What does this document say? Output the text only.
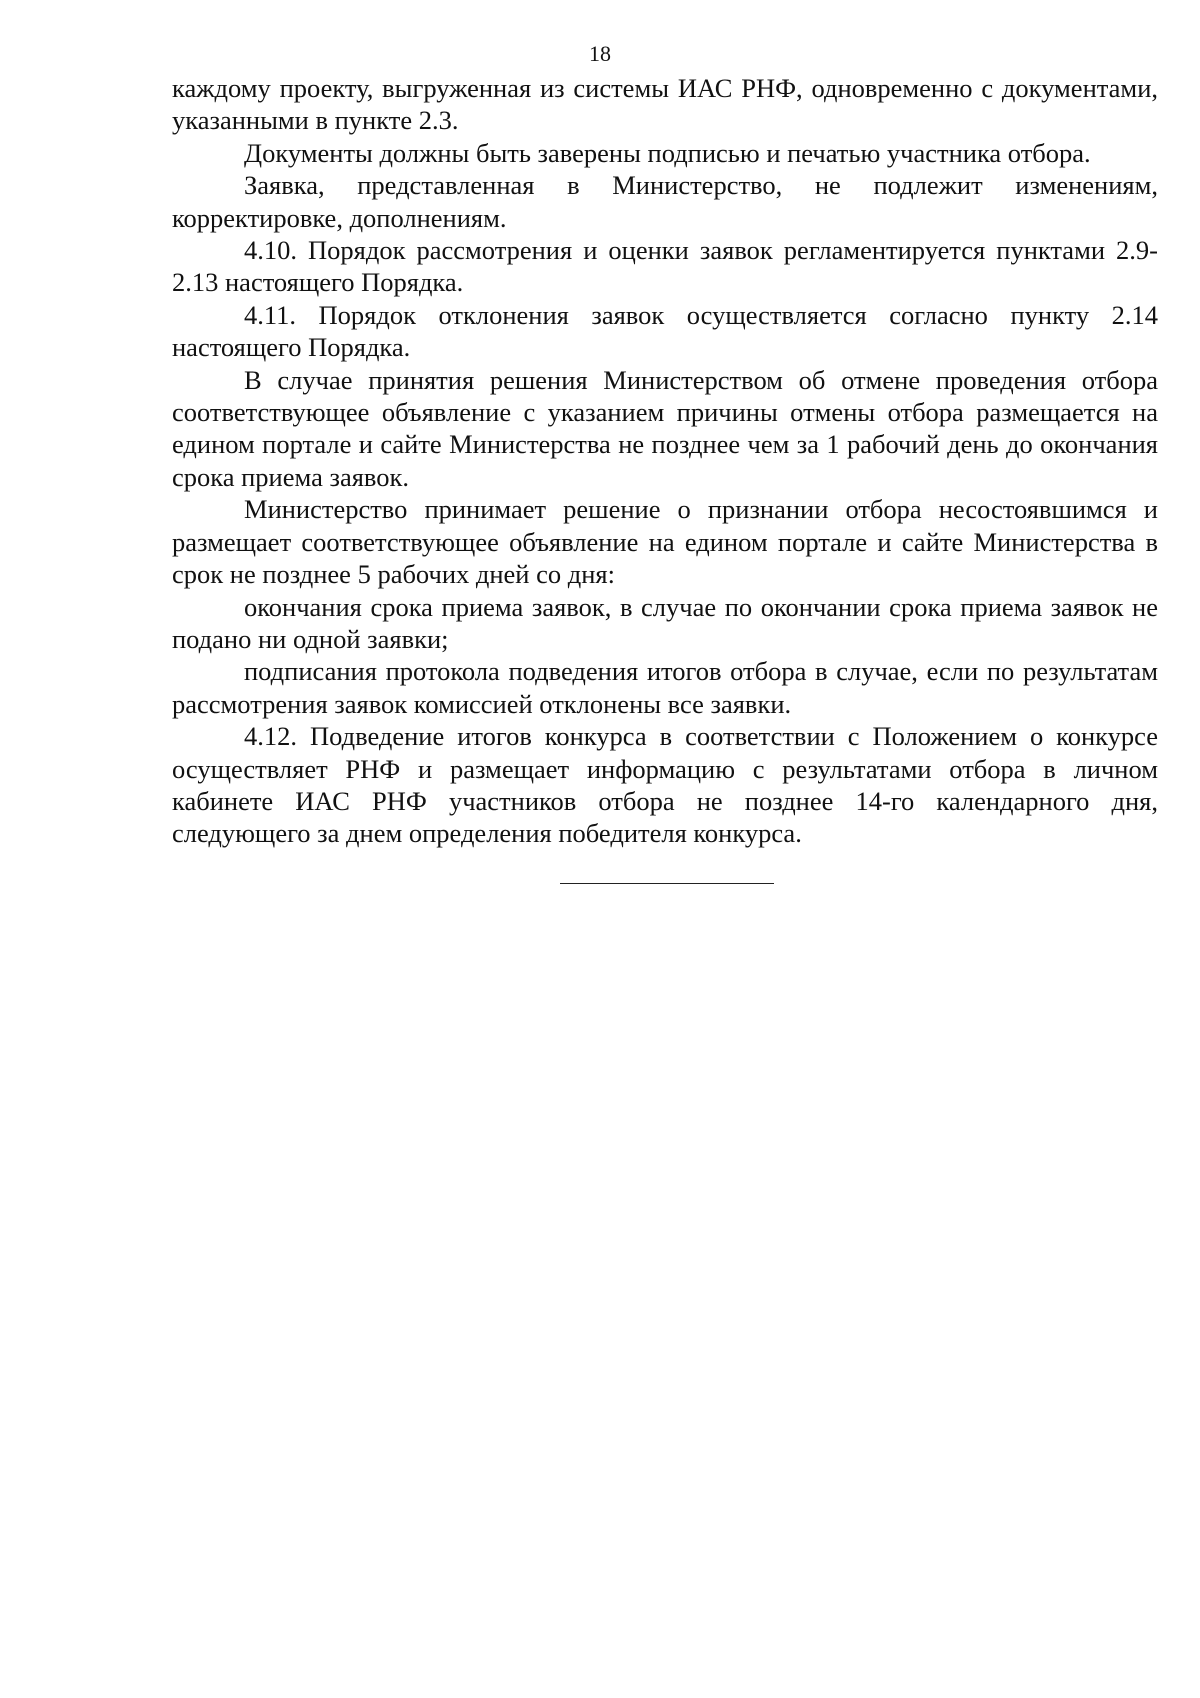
18

каждому проекту, выгруженная из системы ИАС РНФ, одновременно с документами, указанными в пункте 2.3.

Документы должны быть заверены подписью и печатью участника отбора.

Заявка, представленная в Министерство, не подлежит изменениям, корректировке, дополнениям.

4.10. Порядок рассмотрения и оценки заявок регламентируется пунктами 2.9-2.13 настоящего Порядка.

4.11. Порядок отклонения заявок осуществляется согласно пункту 2.14 настоящего Порядка.

В случае принятия решения Министерством об отмене проведения отбора соответствующее объявление с указанием причины отмены отбора размещается на едином портале и сайте Министерства не позднее чем за 1 рабочий день до окончания срока приема заявок.

Министерство принимает решение о признании отбора несостоявшимся и размещает соответствующее объявление на едином портале и сайте Министерства в срок не позднее 5 рабочих дней со дня:

окончания срока приема заявок, в случае по окончании срока приема заявок не подано ни одной заявки;

подписания протокола подведения итогов отбора в случае, если по результатам рассмотрения заявок комиссией отклонены все заявки.

4.12. Подведение итогов конкурса в соответствии с Положением о конкурсе осуществляет РНФ и размещает информацию с результатами отбора в личном кабинете ИАС РНФ участников отбора не позднее 14-го календарного дня, следующего за днем определения победителя конкурса.
